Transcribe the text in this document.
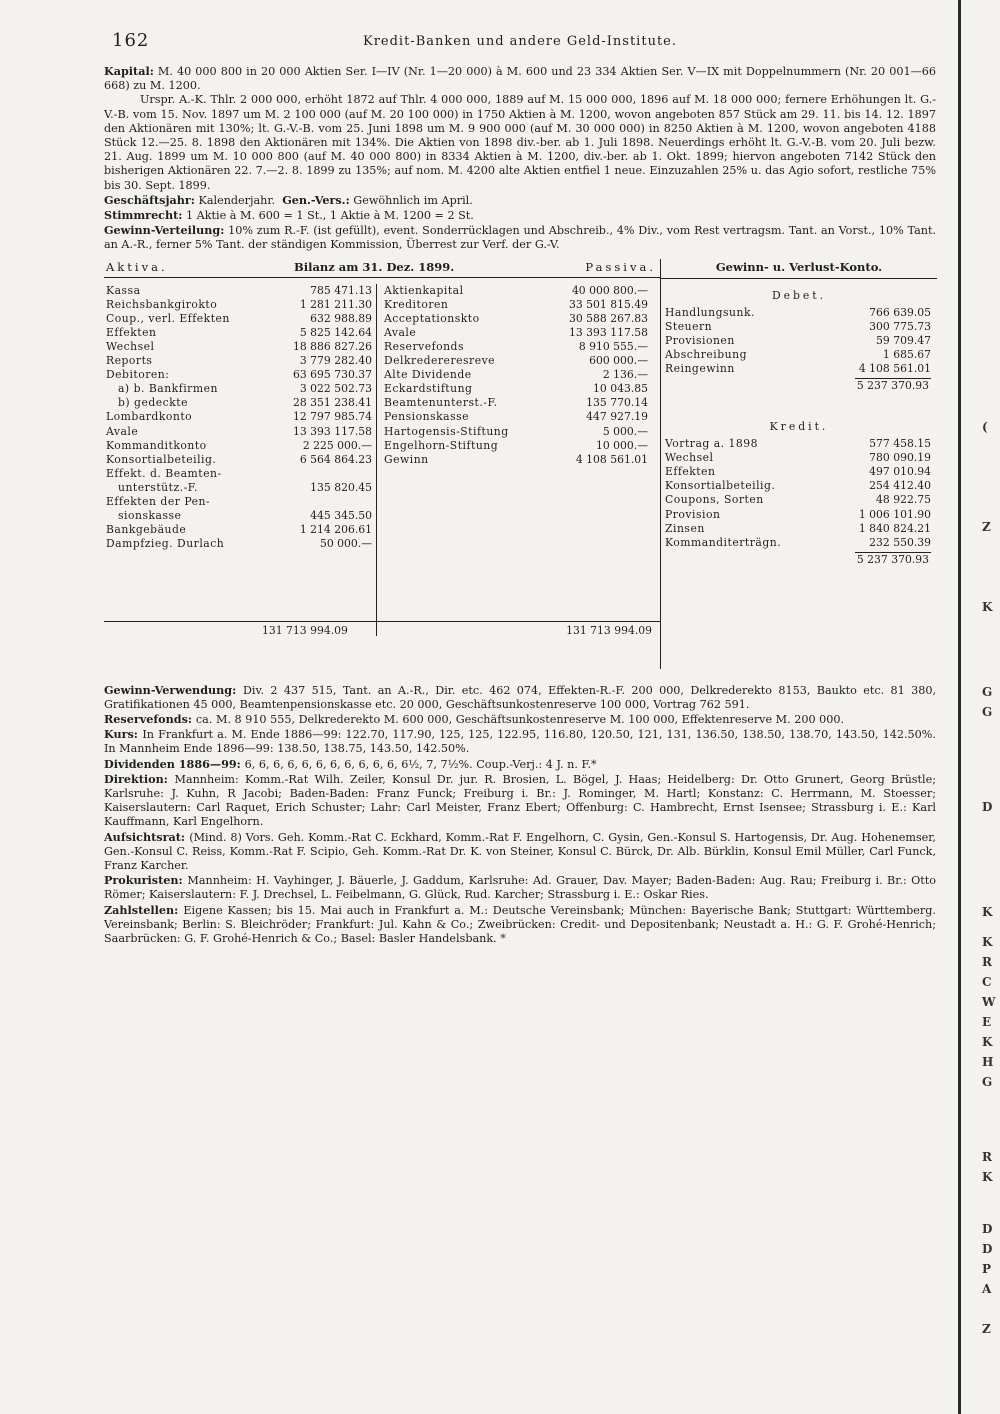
(
Z
K
G
G
D
K
K
R
C
W
E
K
H
G
R
K
D
D
P
A
Z
162	Kredit-Banken und andere Geld-Institute.

Kapital: M. 40 000 800 in 20 000 Aktien Ser. I—IV (Nr. 1—20 000) à M. 600 und 23 334 Aktien Ser. V—IX mit Doppelnummern (Nr. 20 001—66 668) zu M. 1200.

Urspr. A.-K. Thlr. 2 000 000, erhöht 1872 auf Thlr. 4 000 000, 1889 auf M. 15 000 000, 1896 auf M. 18 000 000; fernere Erhöhungen lt. G.-V.-B. vom 15. Nov. 1897 um M. 2 100 000 (auf M. 20 100 000) in 1750 Aktien à M. 1200, wovon angeboten 857 Stück am 29. 11. bis 14. 12. 1897 den Aktionären mit 130%; lt. G.-V.-B. vom 25. Juni 1898 um M. 9 900 000 (auf M. 30 000 000) in 8250 Aktien à M. 1200, wovon angeboten 4188 Stück 12.—25. 8. 1898 den Aktionären mit 134%. Die Aktien von 1898 div.-ber. ab 1. Juli 1898. Neuerdings erhöht lt. G.-V.-B. vom 20. Juli bezw. 21. Aug. 1899 um M. 10 000 800 (auf M. 40 000 800) in 8334 Aktien à M. 1200, div.-ber. ab 1. Okt. 1899; hiervon angeboten 7142 Stück den bisherigen Aktionären 22. 7.—2. 8. 1899 zu 135%; auf nom. M. 4200 alte Aktien entfiel 1 neue. Einzuzahlen 25% u. das Agio sofort, restliche 75% bis 30. Sept. 1899.

Geschäftsjahr: Kalenderjahr. Gen.-Vers.: Gewöhnlich im April.

Stimmrecht: 1 Aktie à M. 600 = 1 St., 1 Aktie à M. 1200 = 2 St.

Gewinn-Verteilung: 10% zum R.-F. (ist gefüllt), event. Sonderrücklagen und Abschreib., 4% Div., vom Rest vertragsm. Tant. an Vorst., 10% Tant. an A.-R., ferner 5% Tant. der ständigen Kommission, Überrest zur Verf. der G.-V.

Aktiva.	Bilanz am 31. Dez. 1899.	Passiva.
Kassa	785 471.13
Reichsbankgirokto	1 281 211.30
Coup., verl. Effekten	632 988.89
Effekten	5 825 142.64
Wechsel	18 886 827.26
Reports	3 779 282.40
Debitoren:	63 695 730.37
a) b. Bankfirmen	3 022 502.73
b) gedeckte	28 351 238.41
Lombardkonto	12 797 985.74
Avale	13 393 117.58
Kommanditkonto	2 225 000.—
Konsortialbeteilig.	6 564 864.23
Effekt. d. Beamten-
unterstütz.-F.	135 820.45
Effekten der Pen-
sionskasse	445 345.50
Bankgebäude	1 214 206.61
Dampfzieg. Durlach	50 000.—
Aktienkapital	40 000 800.—
Kreditoren	33 501 815.49
Acceptationskto	30 588 267.83
Avale	13 393 117.58
Reservefonds	8 910 555.—
Delkredereresreve	600 000.—
Alte Dividende	2 136.—
Eckardstiftung	10 043.85
Beamtenunterst.-F.	135 770.14
Pensionskasse	447 927.19
Hartogensis-Stiftung	5 000.—
Engelhorn-Stiftung	10 000.—
Gewinn	4 108 561.01
131 713 994.09	131 713 994.09
Gewinn- u. Verlust-Konto.
Debet.
Handlungsunk.	766 639.05
Steuern	300 775.73
Provisionen	59 709.47
Abschreibung	1 685.67
Reingewinn	4 108 561.01
5 237 370.93
Kredit.
Vortrag a. 1898	577 458.15
Wechsel	780 090.19
Effekten	497 010.94
Konsortialbeteilig.	254 412.40
Coupons, Sorten	48 922.75
Provision	1 006 101.90
Zinsen	1 840 824.21
Kommanditerträgn.	232 550.39
5 237 370.93

Gewinn-Verwendung: Div. 2 437 515, Tant. an A.-R., Dir. etc. 462 074, Effekten-R.-F. 200 000, Delkrederekto 8153, Baukto etc. 81 380, Gratifikationen 45 000, Beamtenpensionskasse etc. 20 000, Geschäftsunkostenreserve 100 000, Vortrag 762 591.

Reservefonds: ca. M. 8 910 555, Delkrederekto M. 600 000, Geschäftsunkostenreserve M. 100 000, Effektenreserve M. 200 000.

Kurs: In Frankfurt a. M. Ende 1886—99: 122.70, 117.90, 125, 125, 122.95, 116.80, 120.50, 121, 131, 136.50, 138.50, 138.70, 143.50, 142.50%. In Mannheim Ende 1896—99: 138.50, 138.75, 143.50, 142.50%.

Dividenden 1886—99: 6, 6, 6, 6, 6, 6, 6, 6, 6, 6, 6, 6½, 7, 7½%. Coup.-Verj.: 4 J. n. F.*

Direktion: Mannheim: Komm.-Rat Wilh. Zeiler, Konsul Dr. jur. R. Brosien, L. Bögel, J. Haas; Heidelberg: Dr. Otto Grunert, Georg Brüstle; Karlsruhe: J. Kuhn, R Jacobi; Baden-Baden: Franz Funck; Freiburg i. Br.: J. Rominger, M. Hartl; Konstanz: C. Herrmann, M. Stoesser; Kaiserslautern: Carl Raquet, Erich Schuster; Lahr: Carl Meister, Franz Ebert; Offenburg: C. Hambrecht, Ernst Isensee; Strassburg i. E.: Karl Kauffmann, Karl Engelhorn.

Aufsichtsrat: (Mind. 8) Vors. Geh. Komm.-Rat C. Eckhard, Komm.-Rat F. Engelhorn, C. Gysin, Gen.-Konsul S. Hartogensis, Dr. Aug. Hohenemser, Gen.-Konsul C. Reiss, Komm.-Rat F. Scipio, Geh. Komm.-Rat Dr. K. von Steiner, Konsul C. Bürck, Dr. Alb. Bürklin, Konsul Emil Müller, Carl Funck, Franz Karcher.

Prokuristen: Mannheim: H. Vayhinger, J. Bäuerle, J. Gaddum, Karlsruhe: Ad. Grauer, Dav. Mayer; Baden-Baden: Aug. Rau; Freiburg i. Br.: Otto Römer; Kaiserslautern: F. J. Drechsel, L. Feibelmann, G. Glück, Rud. Karcher; Strassburg i. E.: Oskar Ries.

Zahlstellen: Eigene Kassen; bis 15. Mai auch in Frankfurt a. M.: Deutsche Vereinsbank; München: Bayerische Bank; Stuttgart: Württemberg. Vereinsbank; Berlin: S. Bleichröder; Frankfurt: Jul. Kahn & Co.; Zweibrücken: Credit- und Depositenbank; Neustadt a. H.: G. F. Grohé-Henrich; Saarbrücken: G. F. Grohé-Henrich & Co.; Basel: Basler Handelsbank. *
